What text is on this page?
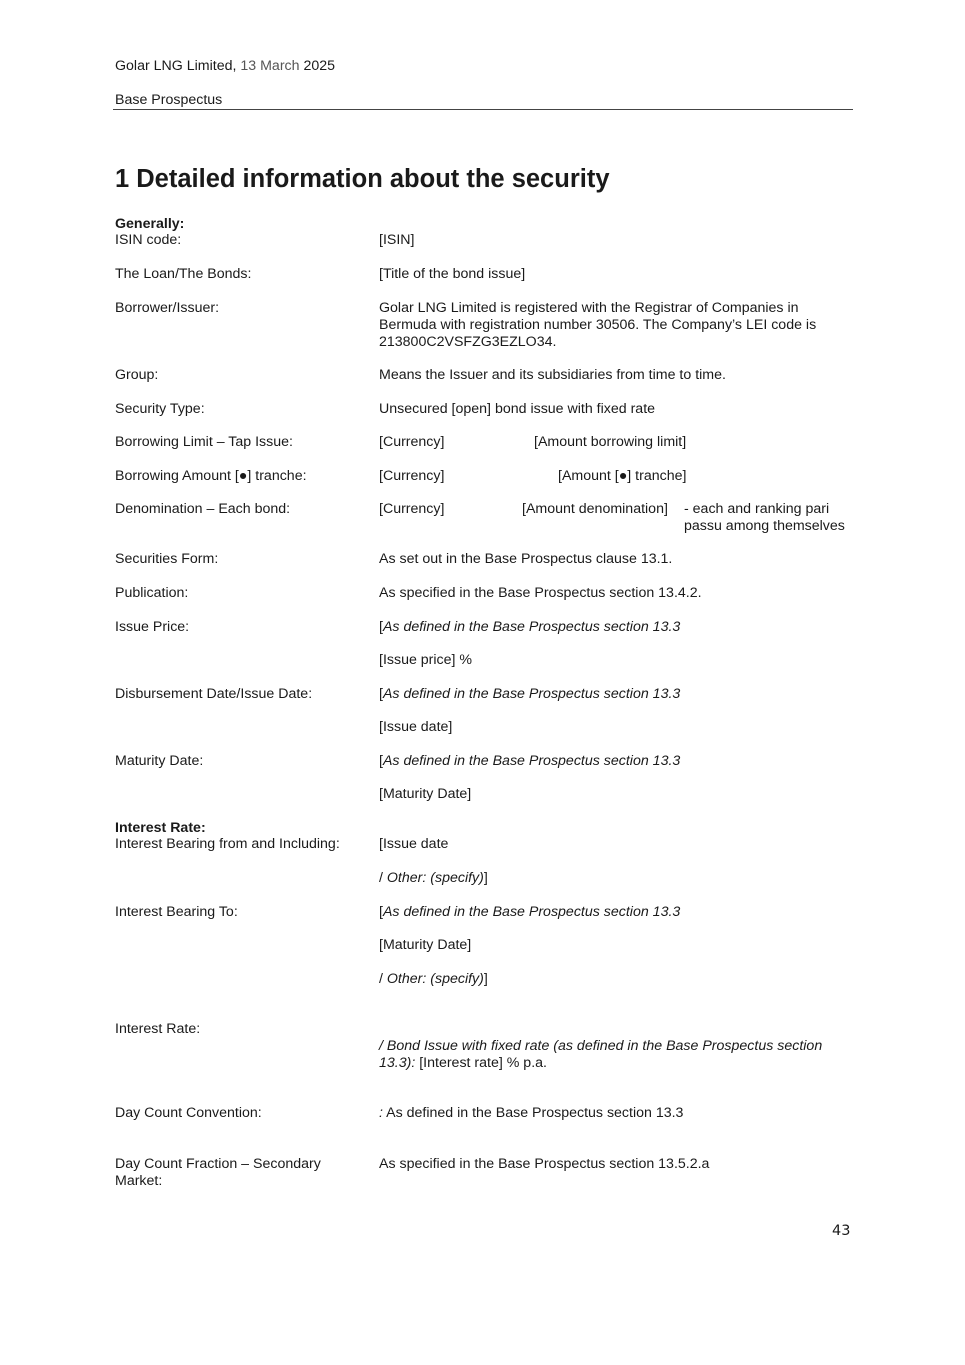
Golar LNG Limited, 13 March 2025
Base Prospectus
1 Detailed information about the security
Generally:
ISIN code:	[ISIN]
The Loan/The Bonds:	[Title of the bond issue]
Borrower/Issuer:	Golar LNG Limited is registered with the Registrar of Companies in Bermuda with registration number 30506. The Company’s LEI code is 213800C2VSFZG3EZLO34.
Group:	Means the Issuer and its subsidiaries from time to time.
Security Type:	Unsecured [open] bond issue with fixed rate
Borrowing Limit – Tap Issue:	[Currency]	[Amount borrowing limit]
Borrowing Amount [●] tranche:	[Currency]	[Amount [●] tranche]
Denomination – Each bond:	[Currency]	[Amount denomination] - each and ranking pari
passu among themselves
Securities Form:	As set out in the Base Prospectus clause 13.1.
Publication:	As specified in the Base Prospectus section 13.4.2.
Issue Price:	[As defined in the Base Prospectus section 13.3
[Issue price] %
Disbursement Date/Issue Date:	[As defined in the Base Prospectus section 13.3
[Issue date]
Maturity Date:	[As defined in the Base Prospectus section 13.3
[Maturity Date]
Interest Rate:
Interest Bearing from and Including:	[Issue date
/ Other: (specify)]
Interest Bearing To:	[As defined in the Base Prospectus section 13.3
[Maturity Date]
/ Other: (specify)]
Interest Rate:
/ Bond Issue with fixed rate (as defined in the Base Prospectus section 13.3): [Interest rate] % p.a.
Day Count Convention:	: As defined in the Base Prospectus section 13.3
Day Count Fraction – Secondary Market:
As specified in the Base Prospectus section 13.5.2.a
43
